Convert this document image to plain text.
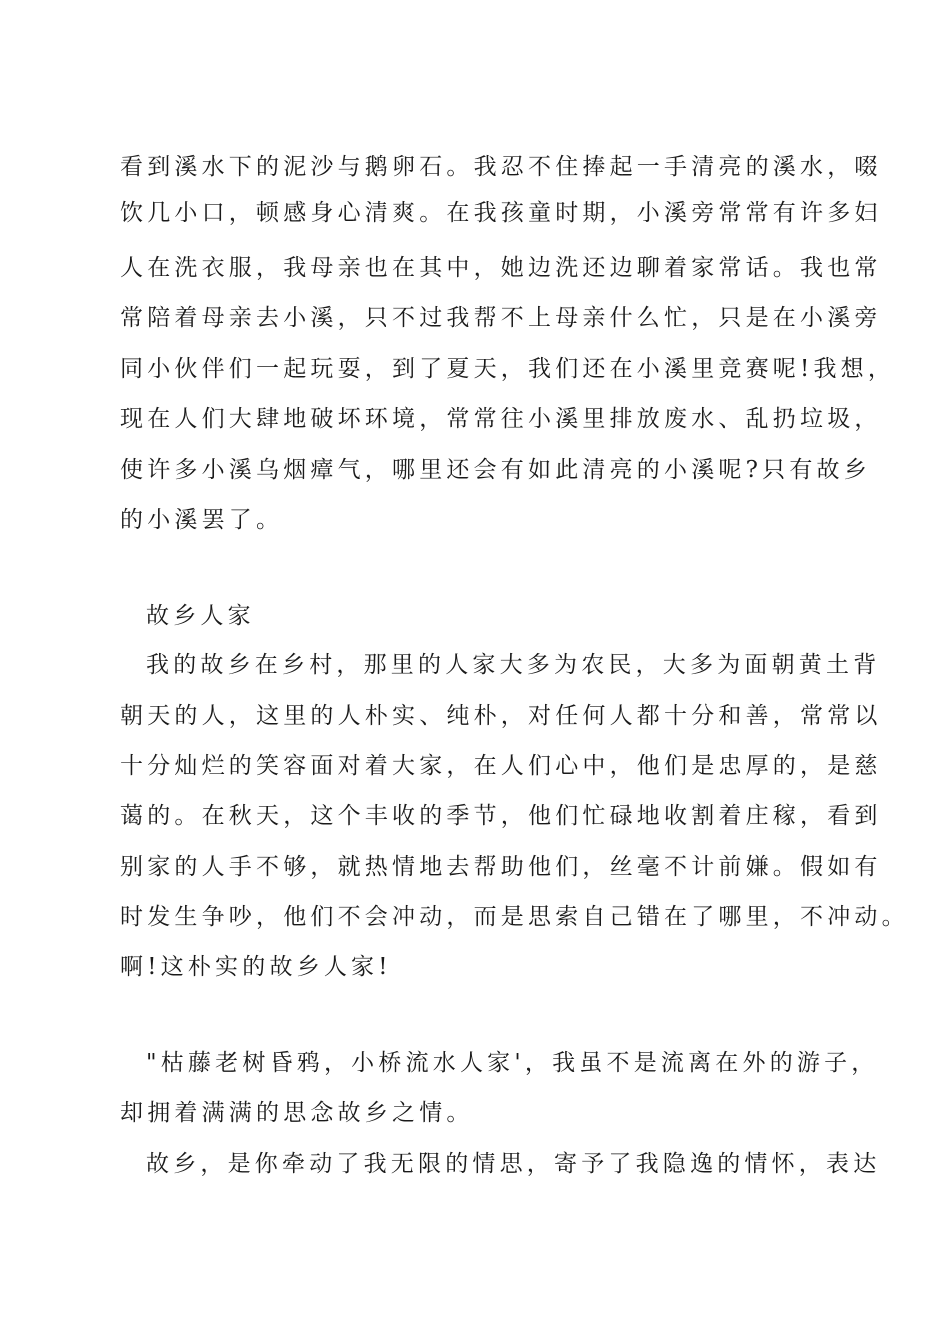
看到溪水下的泥沙与鹅卵石。我忍不住捧起一手清亮的溪水，啜
饮几小口，顿感身心清爽。在我孩童时期，小溪旁常常有许多妇
人在洗衣服，我母亲也在其中，她边洗还边聊着家常话。我也常
常陪着母亲去小溪，只不过我帮不上母亲什么忙，只是在小溪旁
同小伙伴们一起玩耍，到了夏天，我们还在小溪里竞赛呢!我想，
现在人们大肆地破坏环境，常常往小溪里排放废水、乱扔垃圾，
使许多小溪乌烟瘴气，哪里还会有如此清亮的小溪呢?只有故乡
的小溪罢了。
故乡人家
我的故乡在乡村，那里的人家大多为农民，大多为面朝黄土背
朝天的人，这里的人朴实、纯朴，对任何人都十分和善，常常以
十分灿烂的笑容面对着大家，在人们心中，他们是忠厚的，是慈
蔼的。在秋天，这个丰收的季节，他们忙碌地收割着庄稼，看到
别家的人手不够，就热情地去帮助他们，丝毫不计前嫌。假如有
时发生争吵，他们不会冲动，而是思索自己错在了哪里，不冲动。
啊!这朴实的故乡人家!
"枯藤老树昏鸦，小桥流水人家'，我虽不是流离在外的游子，
却拥着满满的思念故乡之情。
故乡，是你牵动了我无限的情思，寄予了我隐逸的情怀，表达
